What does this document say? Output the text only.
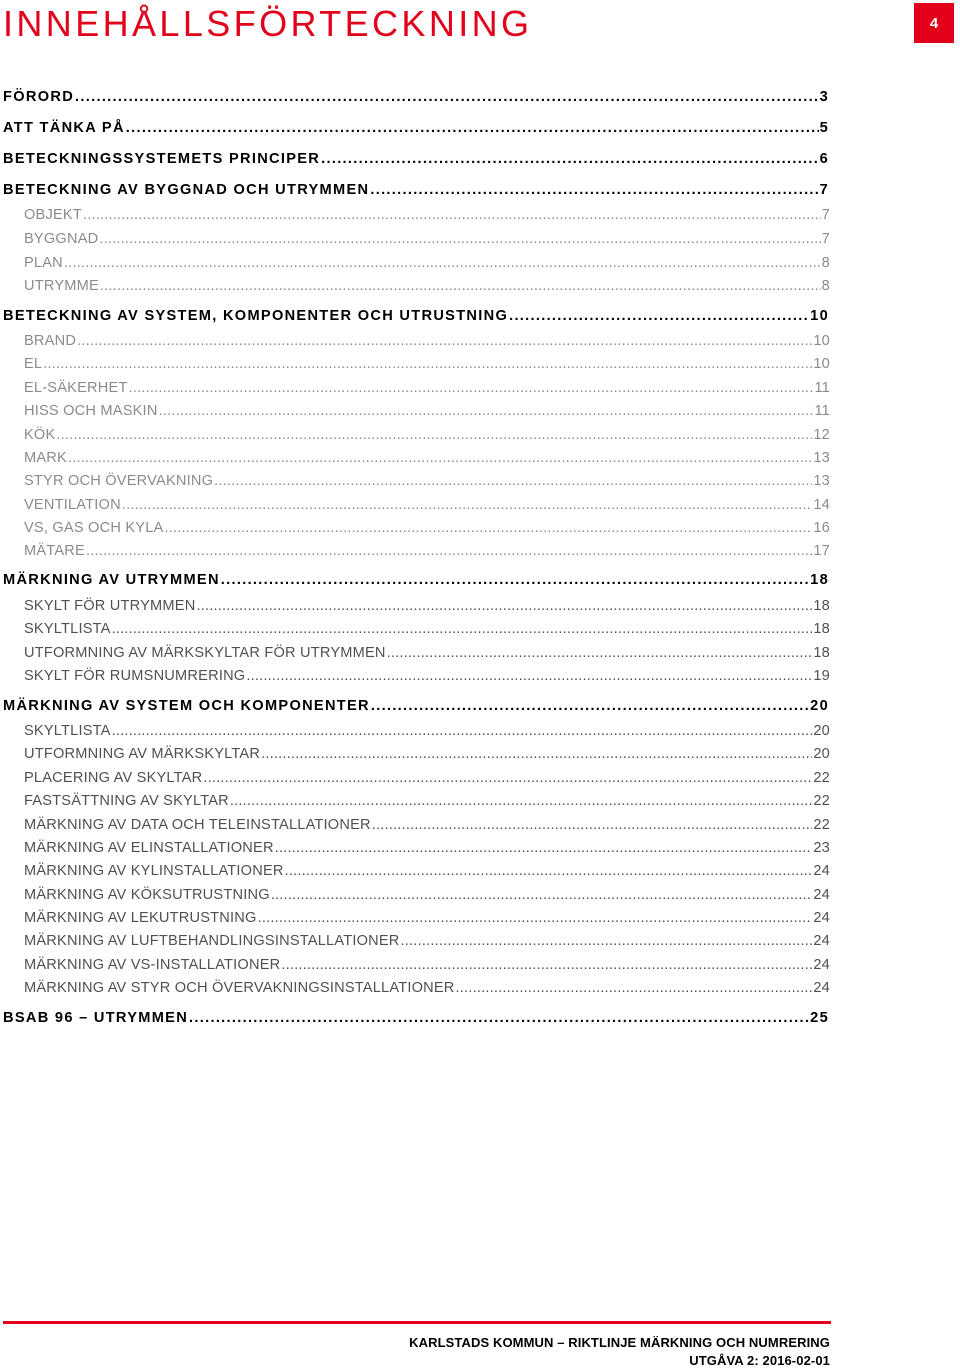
INNEHÅLLSFÖRTECKNING	4
FÖRORD .....	3
ATT TÄNKA PÅ .....	5
BETECKNINGSSYSTEMETS PRINCIPER .....	6
BETECKNING AV BYGGNAD OCH UTRYMMEN .....	7
OBJEKT .....	7
BYGGNAD .....	7
PLAN .....	8
UTRYMME .....	8
BETECKNING AV SYSTEM, KOMPONENTER OCH UTRUSTNING .....	10
BRAND .....	10
EL .....	10
EL-SÄKERHET .....	11
HISS OCH MASKIN .....	11
KÖK .....	12
MARK .....	13
STYR OCH ÖVERVAKNING .....	13
VENTILATION .....	14
VS, GAS OCH KYLA .....	16
MÄTARE .....	17
MÄRKNING AV UTRYMMEN .....	18
SKYLT FÖR UTRYMMEN .....	18
SKYLTLISTA .....	18
UTFORMNING AV MÄRKSKYLTAR FÖR UTRYMMEN .....	18
SKYLT FÖR RUMSNUMRERING .....	19
MÄRKNING AV SYSTEM OCH KOMPONENTER .....	20
SKYLTLISTA .....	20
UTFORMNING AV MÄRKSKYLTAR .....	20
PLACERING AV SKYLTAR .....	22
FASTSÄTTNING AV SKYLTAR .....	22
MÄRKNING AV DATA OCH TELEINSTALLATIONER .....	22
MÄRKNING AV ELINSTALLATIONER .....	23
MÄRKNING AV KYLINSTALLATIONER .....	24
MÄRKNING AV KÖKSUTRUSTNING .....	24
MÄRKNING AV LEKUTRUSTNING .....	24
MÄRKNING AV LUFTBEHANDLINGSINSTALLATIONER .....	24
MÄRKNING AV VS-INSTALLATIONER .....	24
MÄRKNING AV STYR OCH ÖVERVAKNINGSINSTALLATIONER .....	24
BSAB 96 – UTRYMMEN .....	25
KARLSTADS KOMMUN – RIKTLINJE MÄRKNING OCH NUMRERING
UTGÅVA 2: 2016-02-01
